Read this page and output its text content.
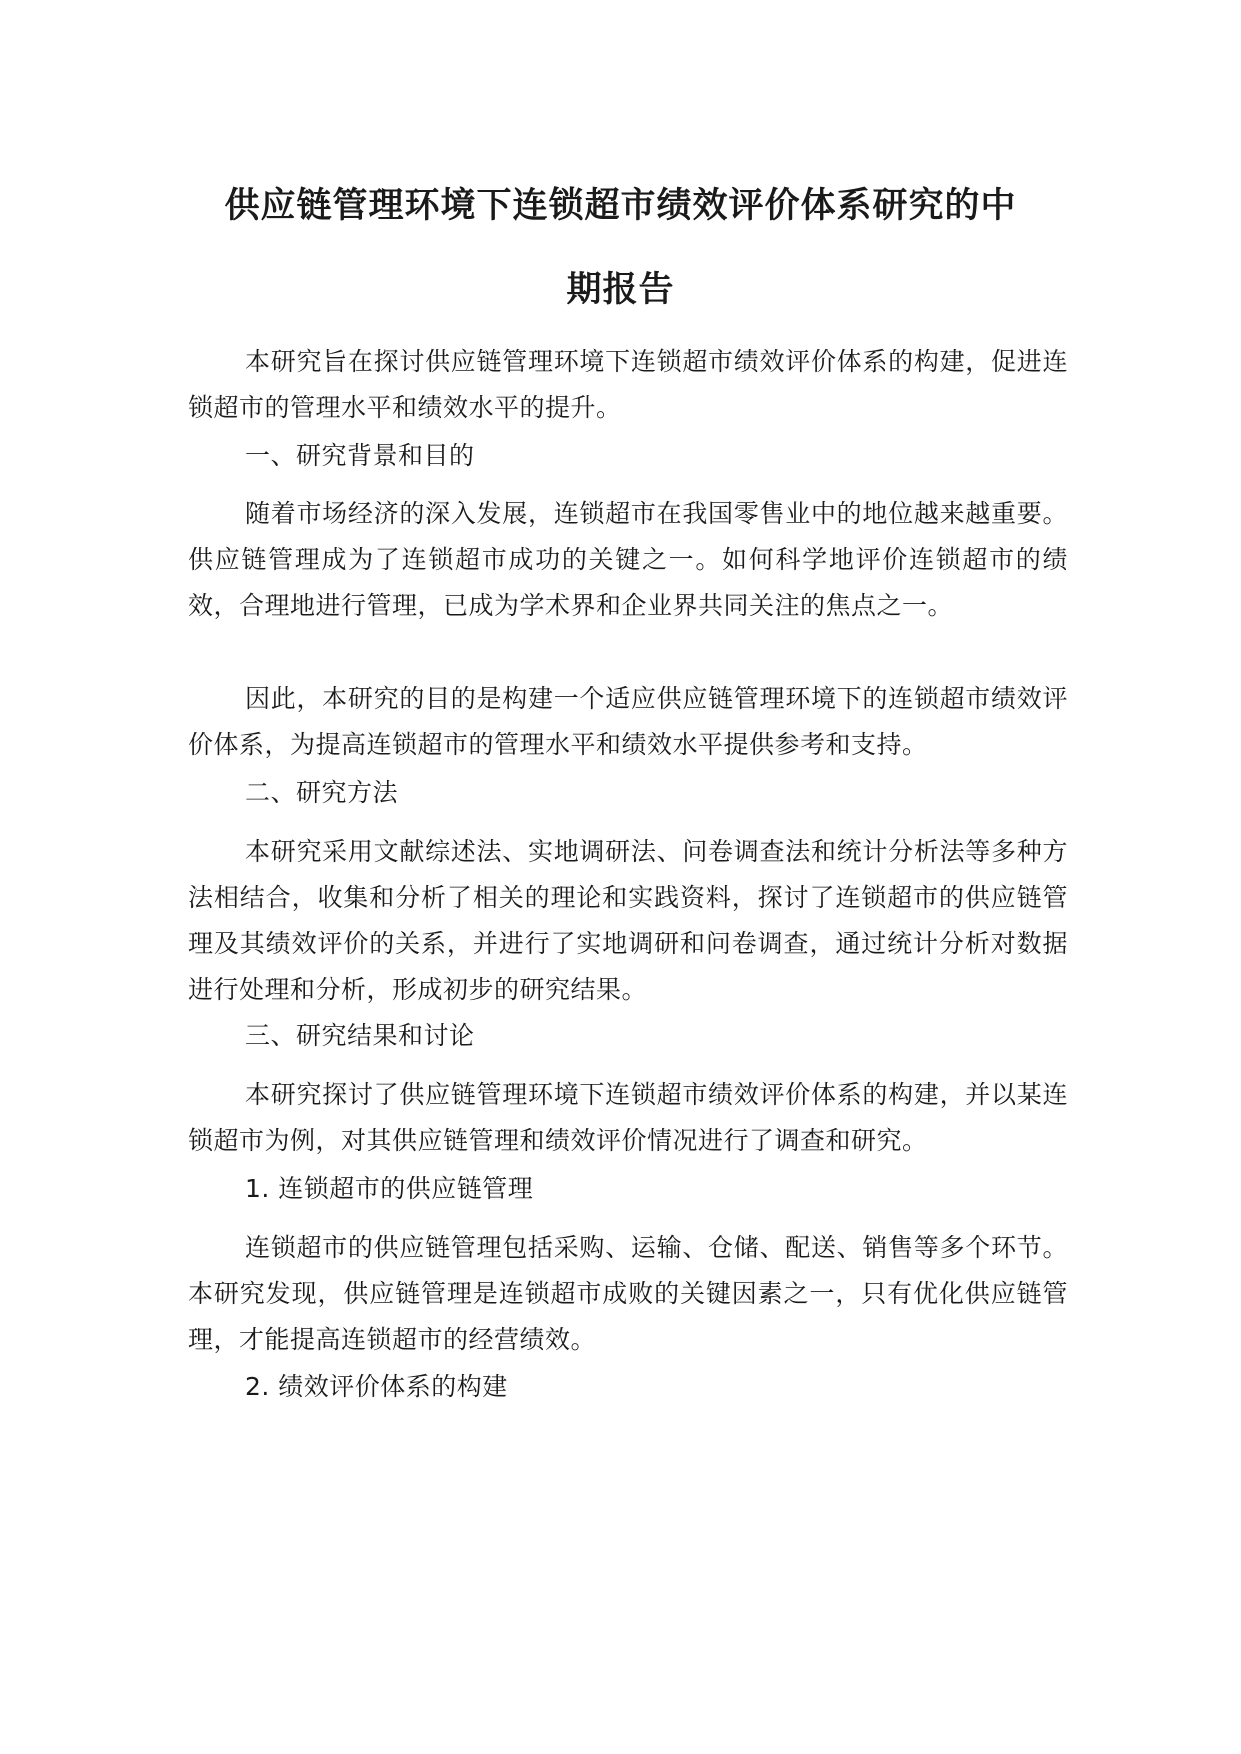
供应链管理环境下连锁超市绩效评价体系研究的中
期报告

本研究旨在探讨供应链管理环境下连锁超市绩效评价体系的构建，促进连锁超市的管理水平和绩效水平的提升。

一、研究背景和目的

随着市场经济的深入发展，连锁超市在我国零售业中的地位越来越重要。供应链管理成为了连锁超市成功的关键之一。如何科学地评价连锁超市的绩效，合理地进行管理，已成为学术界和企业界共同关注的焦点之一。

因此，本研究的目的是构建一个适应供应链管理环境下的连锁超市绩效评价体系，为提高连锁超市的管理水平和绩效水平提供参考和支持。

二、研究方法

本研究采用文献综述法、实地调研法、问卷调查法和统计分析法等多种方法相结合，收集和分析了相关的理论和实践资料，探讨了连锁超市的供应链管理及其绩效评价的关系，并进行了实地调研和问卷调查，通过统计分析对数据进行处理和分析，形成初步的研究结果。

三、研究结果和讨论

本研究探讨了供应链管理环境下连锁超市绩效评价体系的构建，并以某连锁超市为例，对其供应链管理和绩效评价情况进行了调查和研究。

1. 连锁超市的供应链管理

连锁超市的供应链管理包括采购、运输、仓储、配送、销售等多个环节。本研究发现，供应链管理是连锁超市成败的关键因素之一，只有优化供应链管理，才能提高连锁超市的经营绩效。

2. 绩效评价体系的构建
